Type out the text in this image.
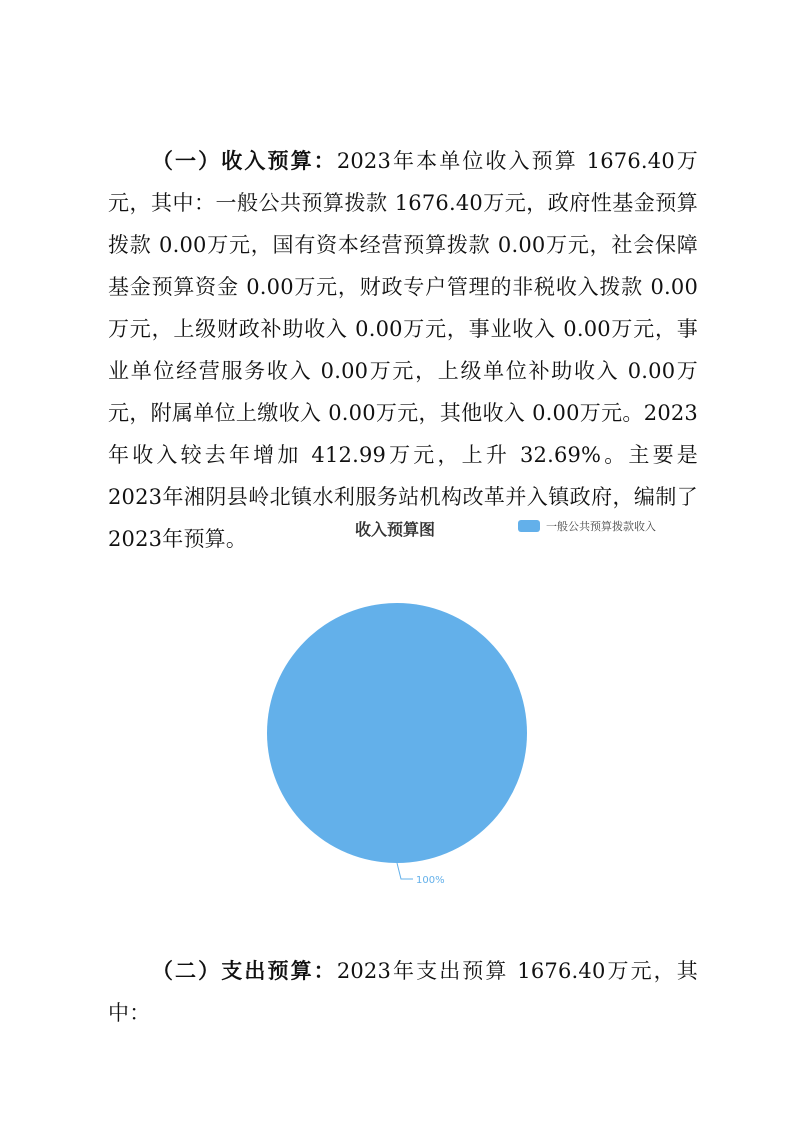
（一）收入预算：2023年本单位收入预算 1676.40万元，其中：一般公共预算拨款 1676.40万元，政府性基金预算拨款 0.00万元，国有资本经营预算拨款 0.00万元，社会保障基金预算资金 0.00万元，财政专户管理的非税收入拨款 0.00万元，上级财政补助收入 0.00万元，事业收入 0.00万元，事业单位经营服务收入 0.00万元，上级单位补助收入 0.00万元，附属单位上缴收入 0.00万元，其他收入 0.00万元。2023年收入较去年增加 412.99万元，上升 32.69%。主要是 2023年湘阴县岭北镇水利服务站机构改革并入镇政府，编制了 2023年预算。	收入预算图	一般公共预算拨款收入
100%
（二）支出预算：2023年支出预算 1676.40万元，其中：
